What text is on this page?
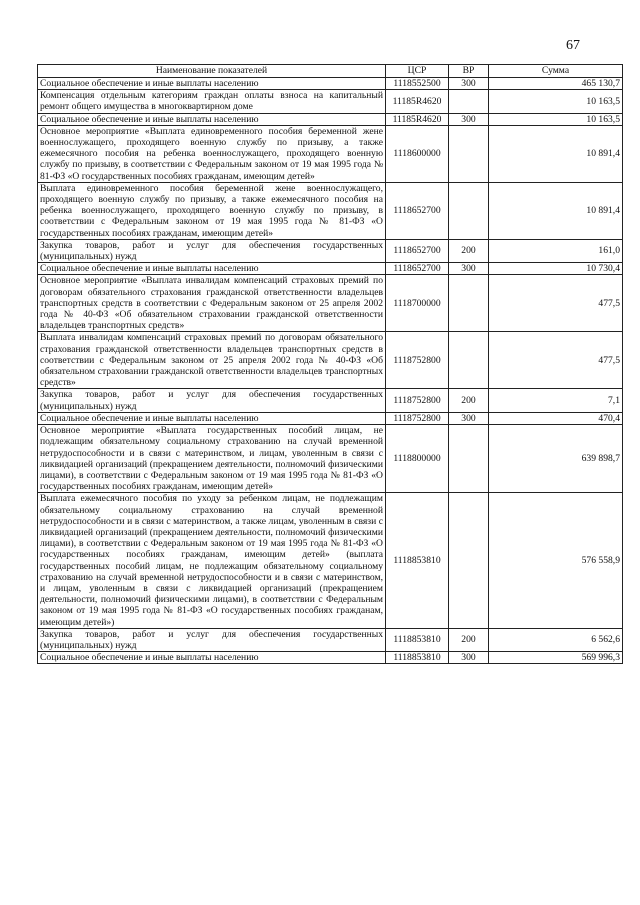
67
Наименование показателей	ЦСР	ВР	Сумма
Социальное обеспечение и иные выплаты населению	1118552500	300	465 130,7
Компенсация отдельным категориям граждан оплаты взноса на капитальный ремонт общего имущества в многоквартирном доме	11185R4620		10 163,5
Социальное обеспечение и иные выплаты населению	11185R4620	300	10 163,5
Основное мероприятие «Выплата единовременного пособия беременной жене военнослужащего, проходящего военную службу по призыву, а также ежемесячного пособия на ребенка военнослужащего, проходящего военную службу по призыву, в соответствии с Федеральным законом от 19 мая 1995 года № 81-ФЗ «О государственных пособиях гражданам, имеющим детей»	1118600000		10 891,4
Выплата единовременного пособия беременной жене военнослужащего, проходящего военную службу по призыву, а также ежемесячного пособия на ребенка военнослужащего, проходящего военную службу по призыву, в соответствии с Федеральным законом от 19 мая 1995 года № 81-ФЗ «О государственных пособиях гражданам, имеющим детей»	1118652700		10 891,4
Закупка товаров, работ и услуг для обеспечения государственных (муниципальных) нужд	1118652700	200	161,0
Социальное обеспечение и иные выплаты населению	1118652700	300	10 730,4
Основное мероприятие «Выплата инвалидам компенсаций страховых премий по договорам обязательного страхования гражданской ответственности владельцев транспортных средств в соответствии с Федеральным законом от 25 апреля 2002 года № 40-ФЗ «Об обязательном страховании гражданской ответственности владельцев транспортных средств»	1118700000		477,5
Выплата инвалидам компенсаций страховых премий по договорам обязательного страхования гражданской ответственности владельцев транспортных средств в соответствии с Федеральным законом от 25 апреля 2002 года № 40-ФЗ «Об обязательном страховании гражданской ответственности владельцев транспортных средств»	1118752800		477,5
Закупка товаров, работ и услуг для обеспечения государственных (муниципальных) нужд	1118752800	200	7,1
Социальное обеспечение и иные выплаты населению	1118752800	300	470,4
Основное мероприятие «Выплата государственных пособий лицам, не подлежащим обязательному социальному страхованию на случай временной нетрудоспособности и в связи с материнством, и лицам, уволенным в связи с ликвидацией организаций (прекращением деятельности, полномочий физическими лицами), в соответствии с Федеральным законом от 19 мая 1995 года № 81-ФЗ «О государственных пособиях гражданам, имеющим детей»	1118800000		639 898,7
Выплата ежемесячного пособия по уходу за ребенком лицам, не подлежащим обязательному социальному страхованию на случай временной нетрудоспособности и в связи с материнством, а также лицам, уволенным в связи с ликвидацией организаций (прекращением деятельности, полномочий физическими лицами), в соответствии с Федеральным законом от 19 мая 1995 года № 81-ФЗ «О государственных пособиях гражданам, имеющим детей» (выплата государственных пособий лицам, не подлежащим обязательному социальному страхованию на случай временной нетрудоспособности и в связи с материнством, и лицам, уволенным в связи с ликвидацией организаций (прекращением деятельности, полномочий физическими лицами), в соответствии с Федеральным законом от 19 мая 1995 года № 81-ФЗ «О государственных пособиях гражданам, имеющим детей»)	1118853810		576 558,9
Закупка товаров, работ и услуг для обеспечения государственных (муниципальных) нужд	1118853810	200	6 562,6
Социальное обеспечение и иные выплаты населению	1118853810	300	569 996,3
